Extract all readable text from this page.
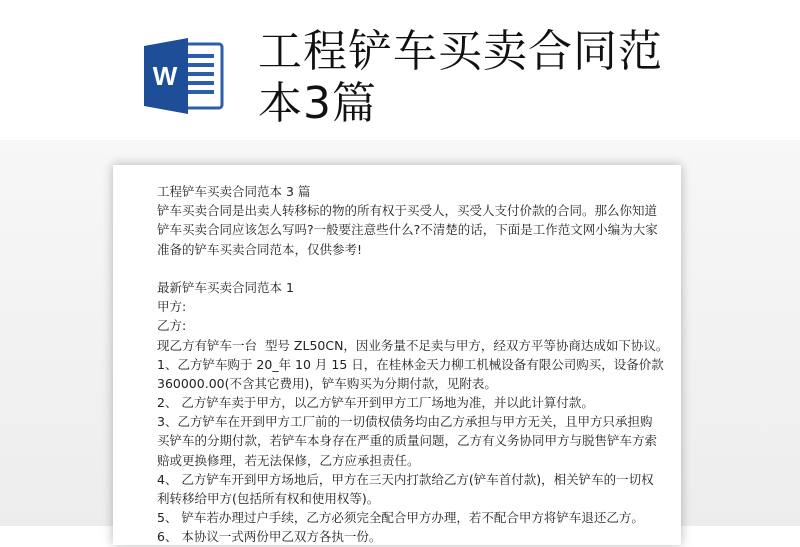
W 工程铲车买卖合同范
本3篇
工程铲车买卖合同范本 3 篇
铲车买卖合同是出卖人转移标的物的所有权于买受人，买受人支付价款的合同。那么你知道
铲车买卖合同应该怎么写吗?一般要注意些什么?不清楚的话，下面是工作范文网小编为大家
准备的铲车买卖合同范本，仅供参考!
最新铲车买卖合同范本 1
甲方:
乙方:
现乙方有铲车一台  型号 ZL50CN，因业务量不足卖与甲方，经双方平等协商达成如下协议。
1、乙方铲车购于 20_年 10 月 15 日，在桂林金天力柳工机械设备有限公司购买，设备价款
360000.00(不含其它费用)，铲车购买为分期付款，见附表。
2、 乙方铲车卖于甲方，以乙方铲车开到甲方工厂场地为准，并以此计算付款。
3、乙方铲车在开到甲方工厂前的一切债权债务均由乙方承担与甲方无关，且甲方只承担购
买铲车的分期付款，若铲车本身存在严重的质量问题，乙方有义务协同甲方与脱售铲车方索
赔或更换修理，若无法保修，乙方应承担责任。
4、 乙方铲车开到甲方场地后，甲方在三天内打款给乙方(铲车首付款)，相关铲车的一切权
利转移给甲方(包括所有权和使用权等)。
5、 铲车若办理过户手续，乙方必须完全配合甲方办理，若不配合甲方将铲车退还乙方。
6、 本协议一式两份甲乙双方各执一份。
